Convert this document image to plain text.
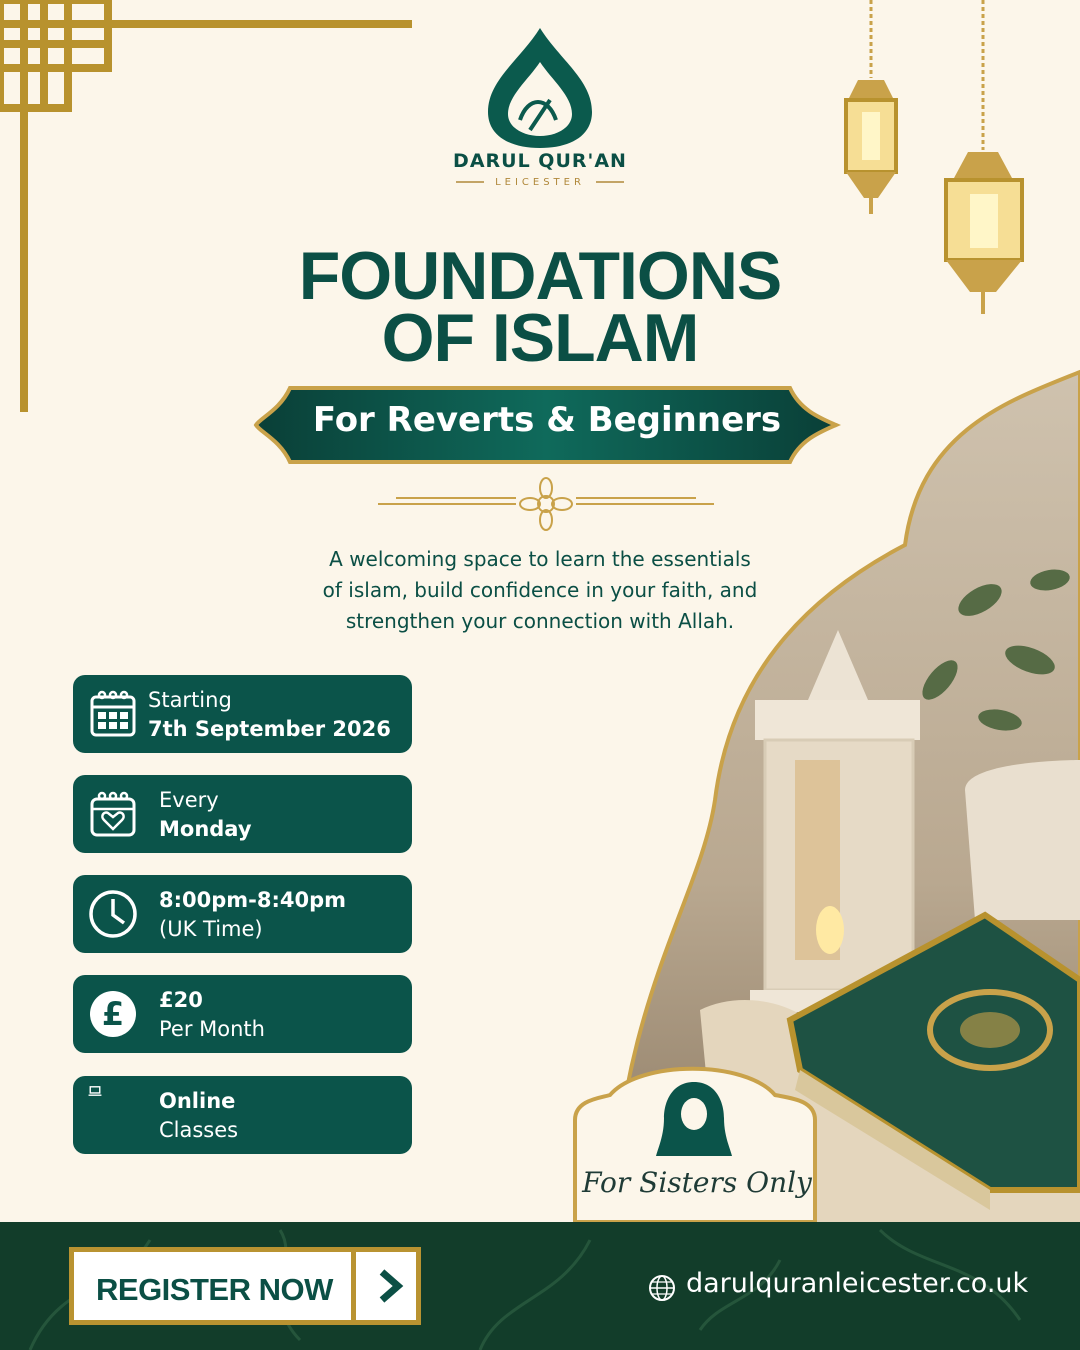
DARUL QUR'AN
LEICESTER
FOUNDATIONS
OF ISLAM
For Reverts & Beginners
A welcoming space to learn the essentials
of islam, build confidence in your faith, and
strengthen your connection with Allah.
Starting
7th September 2026
Every
Monday
8:00pm-8:40pm
(UK Time)
£ £20
Per Month
Online
Classes
For Sisters Only
REGISTER NOW	darulquranleicester.co.uk
